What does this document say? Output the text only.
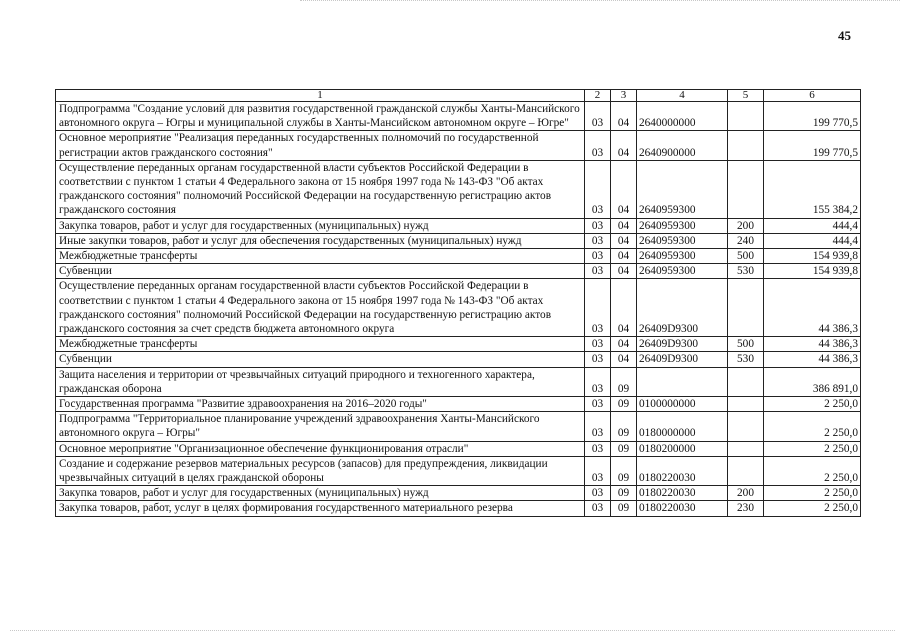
45
1	2	3	4	5	6
Подпрограмма "Создание условий для развития государственной гражданской службы Ханты-Мансийского автономного округа – Югры и муниципальной службы в Ханты-Мансийском автономном округе – Югре"	03	04	2640000000		199 770,5
Основное мероприятие "Реализация переданных государственных полномочий по государственной регистрации актов гражданского состояния"	03	04	2640900000		199 770,5
Осуществление переданных органам государственной власти субъектов Российской Федерации в соответствии с пунктом 1 статьи 4 Федерального закона от 15 ноября 1997 года № 143-ФЗ "Об актах гражданского состояния" полномочий Российской Федерации на государственную регистрацию актов гражданского состояния	03	04	2640959300		155 384,2
Закупка товаров, работ и услуг для государственных (муниципальных) нужд	03	04	2640959300	200	444,4
Иные закупки товаров, работ и услуг для обеспечения государственных (муниципальных) нужд	03	04	2640959300	240	444,4
Межбюджетные трансферты	03	04	2640959300	500	154 939,8
Субвенции	03	04	2640959300	530	154 939,8
Осуществление переданных органам государственной власти субъектов Российской Федерации в соответствии с пунктом 1 статьи 4 Федерального закона от 15 ноября 1997 года № 143-ФЗ "Об актах гражданского состояния" полномочий Российской Федерации на государственную регистрацию актов гражданского состояния за счет средств бюджета автономного округа	03	04	26409D9300		44 386,3
Межбюджетные трансферты	03	04	26409D9300	500	44 386,3
Субвенции	03	04	26409D9300	530	44 386,3
Защита населения и территории от чрезвычайных ситуаций природного и техногенного характера, гражданская оборона	03	09			386 891,0
Государственная программа "Развитие здравоохранения на 2016–2020 годы"	03	09	0100000000		2 250,0
Подпрограмма "Территориальное планирование учреждений здравоохранения Ханты-Мансийского автономного округа – Югры"	03	09	0180000000		2 250,0
Основное мероприятие "Организационное обеспечение функционирования отрасли"	03	09	0180200000		2 250,0
Создание и содержание резервов материальных ресурсов (запасов) для предупреждения, ликвидации чрезвычайных ситуаций в целях гражданской обороны	03	09	0180220030		2 250,0
Закупка товаров, работ и услуг для государственных (муниципальных) нужд	03	09	0180220030	200	2 250,0
Закупка товаров, работ, услуг в целях формирования государственного материального резерва	03	09	0180220030	230	2 250,0
